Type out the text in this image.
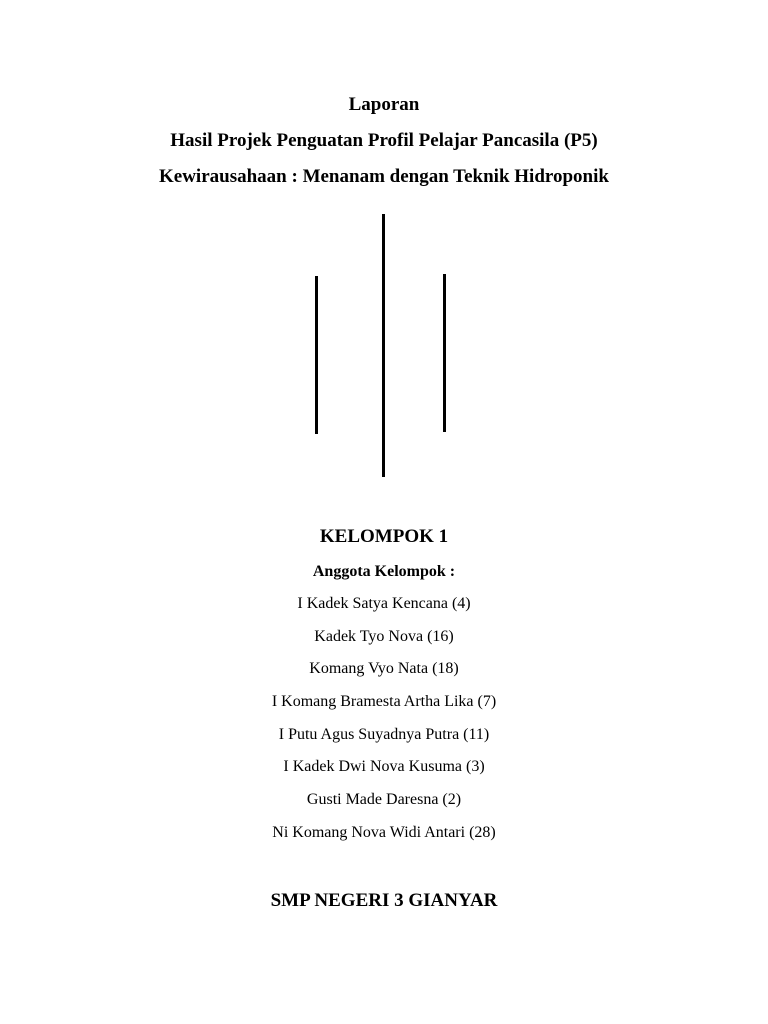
Laporan
Hasil Projek Penguatan Profil Pelajar Pancasila (P5)
Kewirausahaan : Menanam dengan Teknik Hidroponik
KELOMPOK 1
Anggota Kelompok :
I Kadek Satya Kencana (4)
Kadek Tyo Nova (16)
Komang Vyo Nata (18)
I Komang Bramesta Artha Lika (7)
I Putu Agus Suyadnya Putra (11)
I Kadek Dwi Nova Kusuma (3)
Gusti Made Daresna (2)
Ni Komang Nova Widi Antari (28)
SMP NEGERI 3 GIANYAR
